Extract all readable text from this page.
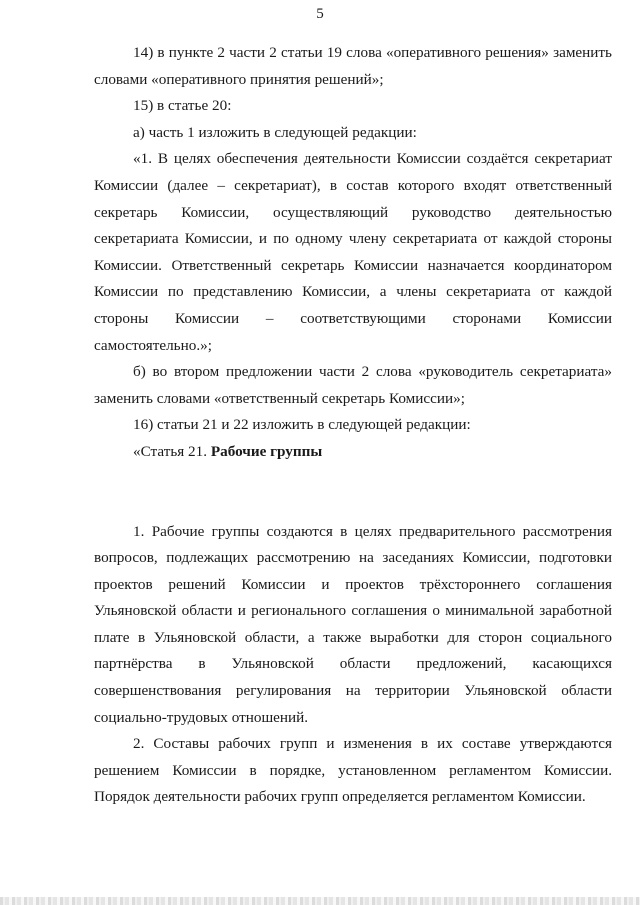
5

14) в пункте 2 части 2 статьи 19 слова «оперативного решения» заменить словами «оперативного принятия решений»;

15) в статье 20:

а) часть 1 изложить в следующей редакции:

«1. В целях обеспечения деятельности Комиссии создаётся секретариат Комиссии (далее – секретариат), в состав которого входят ответственный секретарь Комиссии, осуществляющий руководство деятельностью секретариата Комиссии, и по одному члену секретариата от каждой стороны Комиссии. Ответственный секретарь Комиссии назначается координатором Комиссии по представлению Комиссии, а члены секретариата от каждой стороны Комиссии – соответствующими сторонами Комиссии самостоятельно.»;

б) во втором предложении части 2 слова «руководитель секретариата» заменить словами «ответственный секретарь Комиссии»;

16) статьи 21 и 22 изложить в следующей редакции:

«Статья 21. Рабочие группы

1. Рабочие группы создаются в целях предварительного рассмотрения вопросов, подлежащих рассмотрению на заседаниях Комиссии, подготовки проектов решений Комиссии и проектов трёхстороннего соглашения Ульяновской области и регионального соглашения о минимальной заработной плате в Ульяновской области, а также выработки для сторон социального партнёрства в Ульяновской области предложений, касающихся совершенствования регулирования на территории Ульяновской области социально-трудовых отношений.

2. Составы рабочих групп и изменения в их составе утверждаются решением Комиссии в порядке, установленном регламентом Комиссии. Порядок деятельности рабочих групп определяется регламентом Комиссии.
